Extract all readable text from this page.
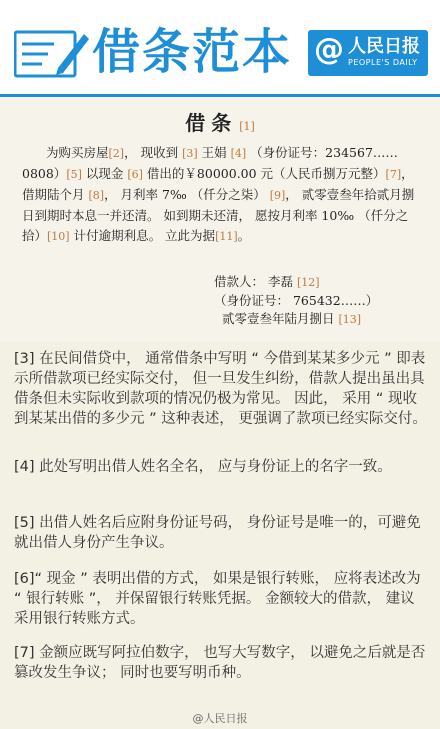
借条范本 @ 人民日报
PEOPLE'S DAILY
借条 [1]
为购买房屋[2]， 现收到 [3] 王娟 [4] （身份证号：234567……0808）[5] 以现金 [6] 借出的￥80000.00 元（人民币捌万元整）[7]， 借期陆个月 [8]， 月利率 7‰ （仟分之柒） [9]， 贰零壹叁年拾贰月捌日到期时本息一并还清。 如到期未还清， 愿按月利率 10‰ （仟分之拾）[10] 计付逾期利息。 立此为据[11]。
借款人： 李磊 [12]
（身份证号： 765432……）
贰零壹叁年陆月捌日 [13]

[3] 在民间借贷中， 通常借条中写明 “ 今借到某某多少元 ” 即表示所借款项已经实际交付， 但一旦发生纠纷，借款人提出虽出具借条但未实际收到款项的情况仍极为常见。 因此， 采用 “ 现收到某某出借的多少元 ” 这种表述， 更强调了款项已经实际交付。

[4] 此处写明出借人姓名全名， 应与身份证上的名字一致。

[5] 出借人姓名后应附身份证号码， 身份证号是唯一的，可避免就出借人身份产生争议。

[6]“ 现金 ” 表明出借的方式， 如果是银行转账， 应将表述改为 “ 银行转账 ”， 并保留银行转账凭据。 金额较大的借款， 建议采用银行转账方式。

[7] 金额应既写阿拉伯数字， 也写大写数字， 以避免之后就是否篡改发生争议； 同时也要写明币种。

@人民日报
